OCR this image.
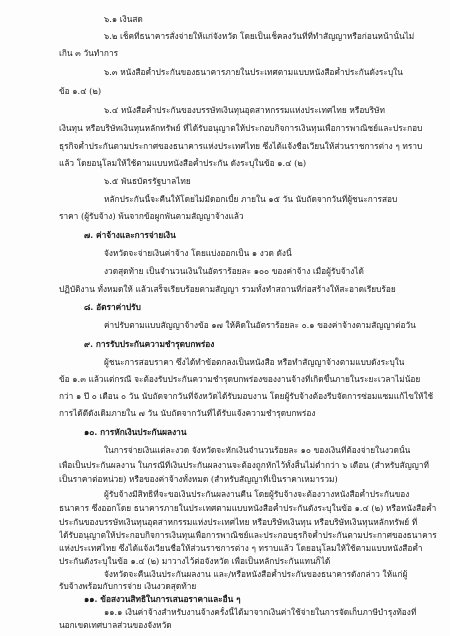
๖.๑ เงินสด
๖.๒ เช็คที่ธนาคารสั่งจ่ายให้แก่จังหวัด โดยเป็นเช็คลงวันที่ที่ทำสัญญาหรือก่อนหน้านั้นไม่
เกิน ๓ วันทำการ
๖.๓ หนังสือค้ำประกันของธนาคารภายในประเทศตามแบบหนังสือค้ำประกันดังระบุใน
ข้อ ๑.๔ (๒)
๖.๔ หนังสือค้ำประกันของบรรษัทเงินทุนอุตสาหกรรมแห่งประเทศไทย หรือบริษัท
เงินทุน หรือบริษัทเงินทุนหลักทรัพย์ ที่ได้รับอนุญาตให้ประกอบกิจการเงินทุนเพื่อการพาณิชย์และประกอบ
ธุรกิจค้ำประกันตามประกาศของธนาคารแห่งประเทศไทย ซึ่งได้แจ้งชื่อเวียนให้ส่วนราชการต่าง ๆ ทราบ
แล้ว โดยอนุโลมให้ใช้ตามแบบหนังสือค้ำประกัน ดังระบุในข้อ ๑.๔ (๒)
๖.๕ พันธบัตรรัฐบาลไทย
หลักประกันนี้จะคืนให้โดยไม่มีดอกเบี้ย ภายใน ๑๕ วัน นับถัดจากวันที่ผู้ชนะการสอบ
ราคา (ผู้รับจ้าง) พ้นจากข้อผูกพันตามสัญญาจ้างแล้ว
๗. ค่าจ้างและการจ่ายเงิน
จังหวัดจะจ่ายเงินค่าจ้าง โดยแบ่งออกเป็น ๑ งวด ดังนี้
งวดสุดท้าย เป็นจำนวนเงินในอัตราร้อยละ ๑๐๐ ของค่าจ้าง เมื่อผู้รับจ้างได้
ปฏิบัติงาน ทั้งหมดให้ แล้วเสร็จเรียบร้อยตามสัญญา รวมทั้งทำสถานที่ก่อสร้างให้สะอาดเรียบร้อย
๘. อัตราค่าปรับ
ค่าปรับตามแบบสัญญาจ้างข้อ ๑๗ ให้คิดในอัตราร้อยละ ๐.๑ ของค่าจ้างตามสัญญาต่อวัน
๙. การรับประกันความชำรุดบกพร่อง
ผู้ชนะการสอบราคา ซึ่งได้ทำข้อตกลงเป็นหนังสือ หรือทำสัญญาจ้างตามแบบดังระบุใน
ข้อ ๑.๓ แล้วแต่กรณี จะต้องรับประกันความชำรุดบกพร่องของงานจ้างที่เกิดขึ้นภายในระยะเวลาไม่น้อย
กว่า ๑ ปี ๐ เดือน ๐ วัน นับถัดจากวันที่จังหวัดได้รับมอบงาน โดยผู้รับจ้างต้องรีบจัดการซ่อมแซมแก้ไขให้ใช้
การได้ดีดังเดิมภายใน ๗ วัน นับถัดจากวันที่ได้รับแจ้งความชำรุดบกพร่อง
๑๐. การหักเงินประกันผลงาน
ในการจ่ายเงินแต่ละงวด จังหวัดจะหักเงินจำนวนร้อยละ ๑๐ ของเงินที่ต้องจ่ายในงวดนั้น
เพื่อเป็นประกันผลงาน ในกรณีที่เงินประกันผลงานจะต้องถูกหักไว้ทั้งสิ้นไม่ต่ำกว่า ๖ เดือน (สำหรับสัญญาที่
เป็นราคาต่อหน่วย) หรือของค่าจ้างทั้งหมด (สำหรับสัญญาที่เป็นราคาเหมารวม)
ผู้รับจ้างมีสิทธิที่จะขอเงินประกันผลงานคืน โดยผู้รับจ้างจะต้องวางหนังสือค้ำประกันของ
ธนาคาร ซึ่งออกโดย ธนาคารภายในประเทศตามแบบหนังสือค้ำประกันดังระบุในข้อ ๑.๔ (๒) หรือหนังสือค้ำ
ประกันของบรรษัทเงินทุนอุตสาหกรรมแห่งประเทศไทย หรือบริษัทเงินทุน หรือบริษัทเงินทุนหลักทรัพย์ ที่
ได้รับอนุญาตให้ประกอบกิจการเงินทุนเพื่อการพาณิชย์และประกอบธุรกิจค้ำประกันตามประกาศของธนาคาร
แห่งประเทศไทย ซึ่งได้แจ้งเวียนชื่อให้ส่วนราชการต่าง ๆ ทราบแล้ว โดยอนุโลมให้ใช้ตามแบบหนังสือค้ำ
ประกันดังระบุในข้อ ๑.๔ (๒) มาวางไว้ต่อจังหวัด เพื่อเป็นหลักประกันแทนก็ได้
จังหวัดจะคืนเงินประกันผลงาน และ/หรือหนังสือค้ำประกันของธนาคารดังกล่าว ให้แก่ผู้
รับจ้างพร้อมกับการจ่าย เงินงวดสุดท้าย
๑๑. ข้อสงวนสิทธิในการเสนอราคาและอื่น ๆ
๑๑.๑ เงินค่าจ้างสำหรับงานจ้างครั้งนี้ได้มาจากเงินค่าใช้จ่ายในการจัดเก็บภาษีบำรุงท้องที่
นอกเขตเทศบาลส่วนของจังหวัด
